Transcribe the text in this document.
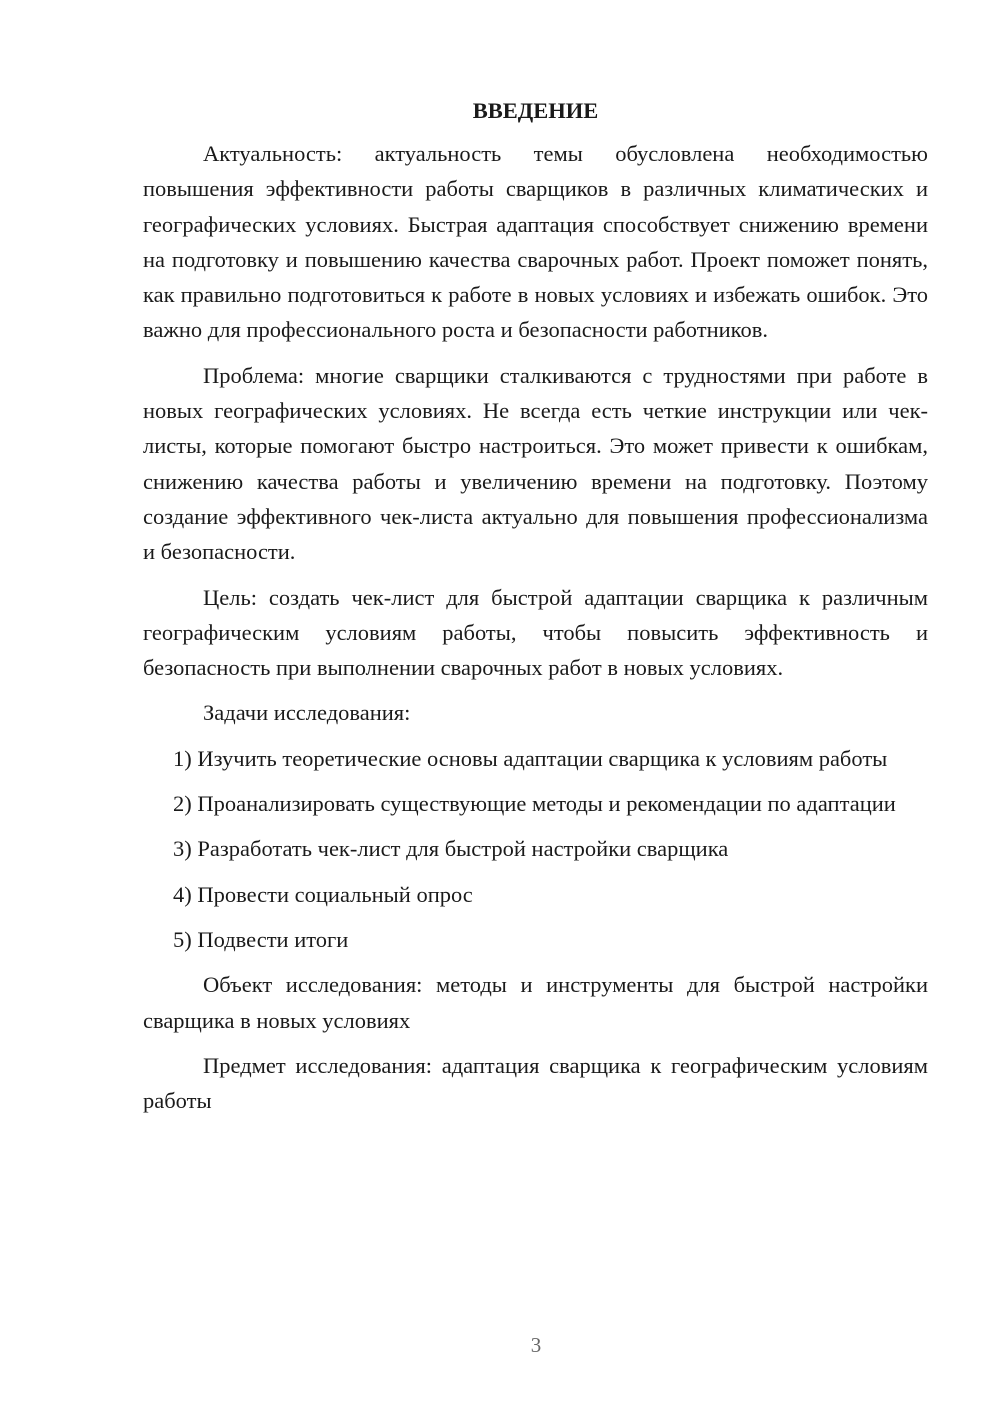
ВВЕДЕНИЕ

Актуальность: актуальность темы обусловлена необходимостью повышения эффективности работы сварщиков в различных климатических и географических условиях. Быстрая адаптация способствует снижению времени на подготовку и повышению качества сварочных работ. Проект поможет понять, как правильно подготовиться к работе в новых условиях и избежать ошибок. Это важно для профессионального роста и безопасности работников.

Проблема: многие сварщики сталкиваются с трудностями при работе в новых географических условиях. Не всегда есть четкие инструкции или чек-листы, которые помогают быстро настроиться. Это может привести к ошибкам, снижению качества работы и увеличению времени на подготовку. Поэтому создание эффективного чек-листа актуально для повышения профессионализма и безопасности.

Цель: создать чек-лист для быстрой адаптации сварщика к различным географическим условиям работы, чтобы повысить эффективность и безопасность при выполнении сварочных работ в новых условиях.

Задачи исследования:

1) Изучить теоретические основы адаптации сварщика к условиям работы

2) Проанализировать существующие методы и рекомендации по адаптации

3) Разработать чек-лист для быстрой настройки сварщика

4) Провести социальный опрос

5) Подвести итоги

Объект исследования: методы и инструменты для быстрой настройки сварщика в новых условиях

Предмет исследования: адаптация сварщика к географическим условиям работы

3
